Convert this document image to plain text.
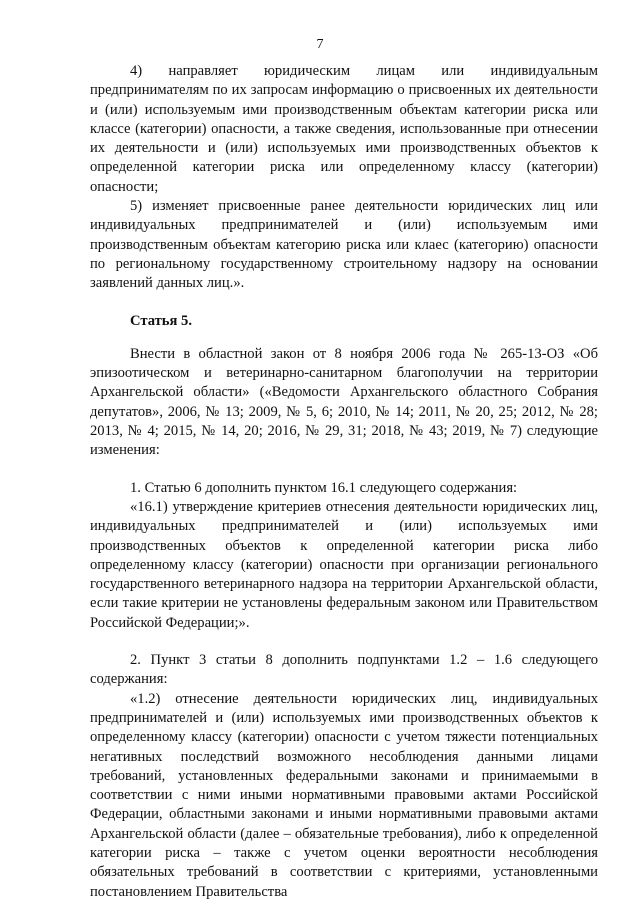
7

4) направляет юридическим лицам или индивидуальным предпринимателям по их запросам информацию о присвоенных их деятельности и (или) используемым ими производственным объектам категории риска или классе (категории) опасности, а также сведения, использованные при отнесении их деятельности и (или) используемых ими производственных объектов к определенной категории риска или определенному классу (категории) опасности;

5) изменяет присвоенные ранее деятельности юридических лиц или индивидуальных предпринимателей и (или) используемым ими производственным объектам категорию риска или клаес (категорию) опасности по региональному государственному строительному надзору на основании заявлений данных лиц.».

Статья 5.

Внести в областной закон от 8 ноября 2006 года № 265-13-ОЗ «Об эпизоотическом и ветеринарно-санитарном благополучии на территории Архангельской области» («Ведомости Архангельского областного Собрания депутатов», 2006, № 13; 2009, № 5, 6; 2010, № 14; 2011, № 20, 25; 2012, № 28; 2013, № 4; 2015, № 14, 20; 2016, № 29, 31; 2018, № 43; 2019, № 7) следующие изменения:

1. Статью 6 дополнить пунктом 16.1 следующего содержания:

«16.1) утверждение критериев отнесения деятельности юридических лиц, индивидуальных предпринимателей и (или) используемых ими производственных объектов к определенной категории риска либо определенному классу (категории) опасности при организации регионального государственного ветеринарного надзора на территории Архангельской области, если такие критерии не установлены федеральным законом или Правительством Российской Федерации;».

2. Пункт 3 статьи 8 дополнить подпунктами 1.2 – 1.6 следующего содержания:

«1.2) отнесение деятельности юридических лиц, индивидуальных предпринимателей и (или) используемых ими производственных объектов к определенному классу (категории) опасности с учетом тяжести потенциальных негативных последствий возможного несоблюдения данными лицами требований, установленных федеральными законами и принимаемыми в соответствии с ними иными нормативными правовыми актами Российской Федерации, областными законами и иными нормативными правовыми актами Архангельской области (далее – обязательные требования), либо к определенной категории риска – также с учетом оценки вероятности несоблюдения обязательных требований в соответствии с критериями, установленными постановлением Правительства
